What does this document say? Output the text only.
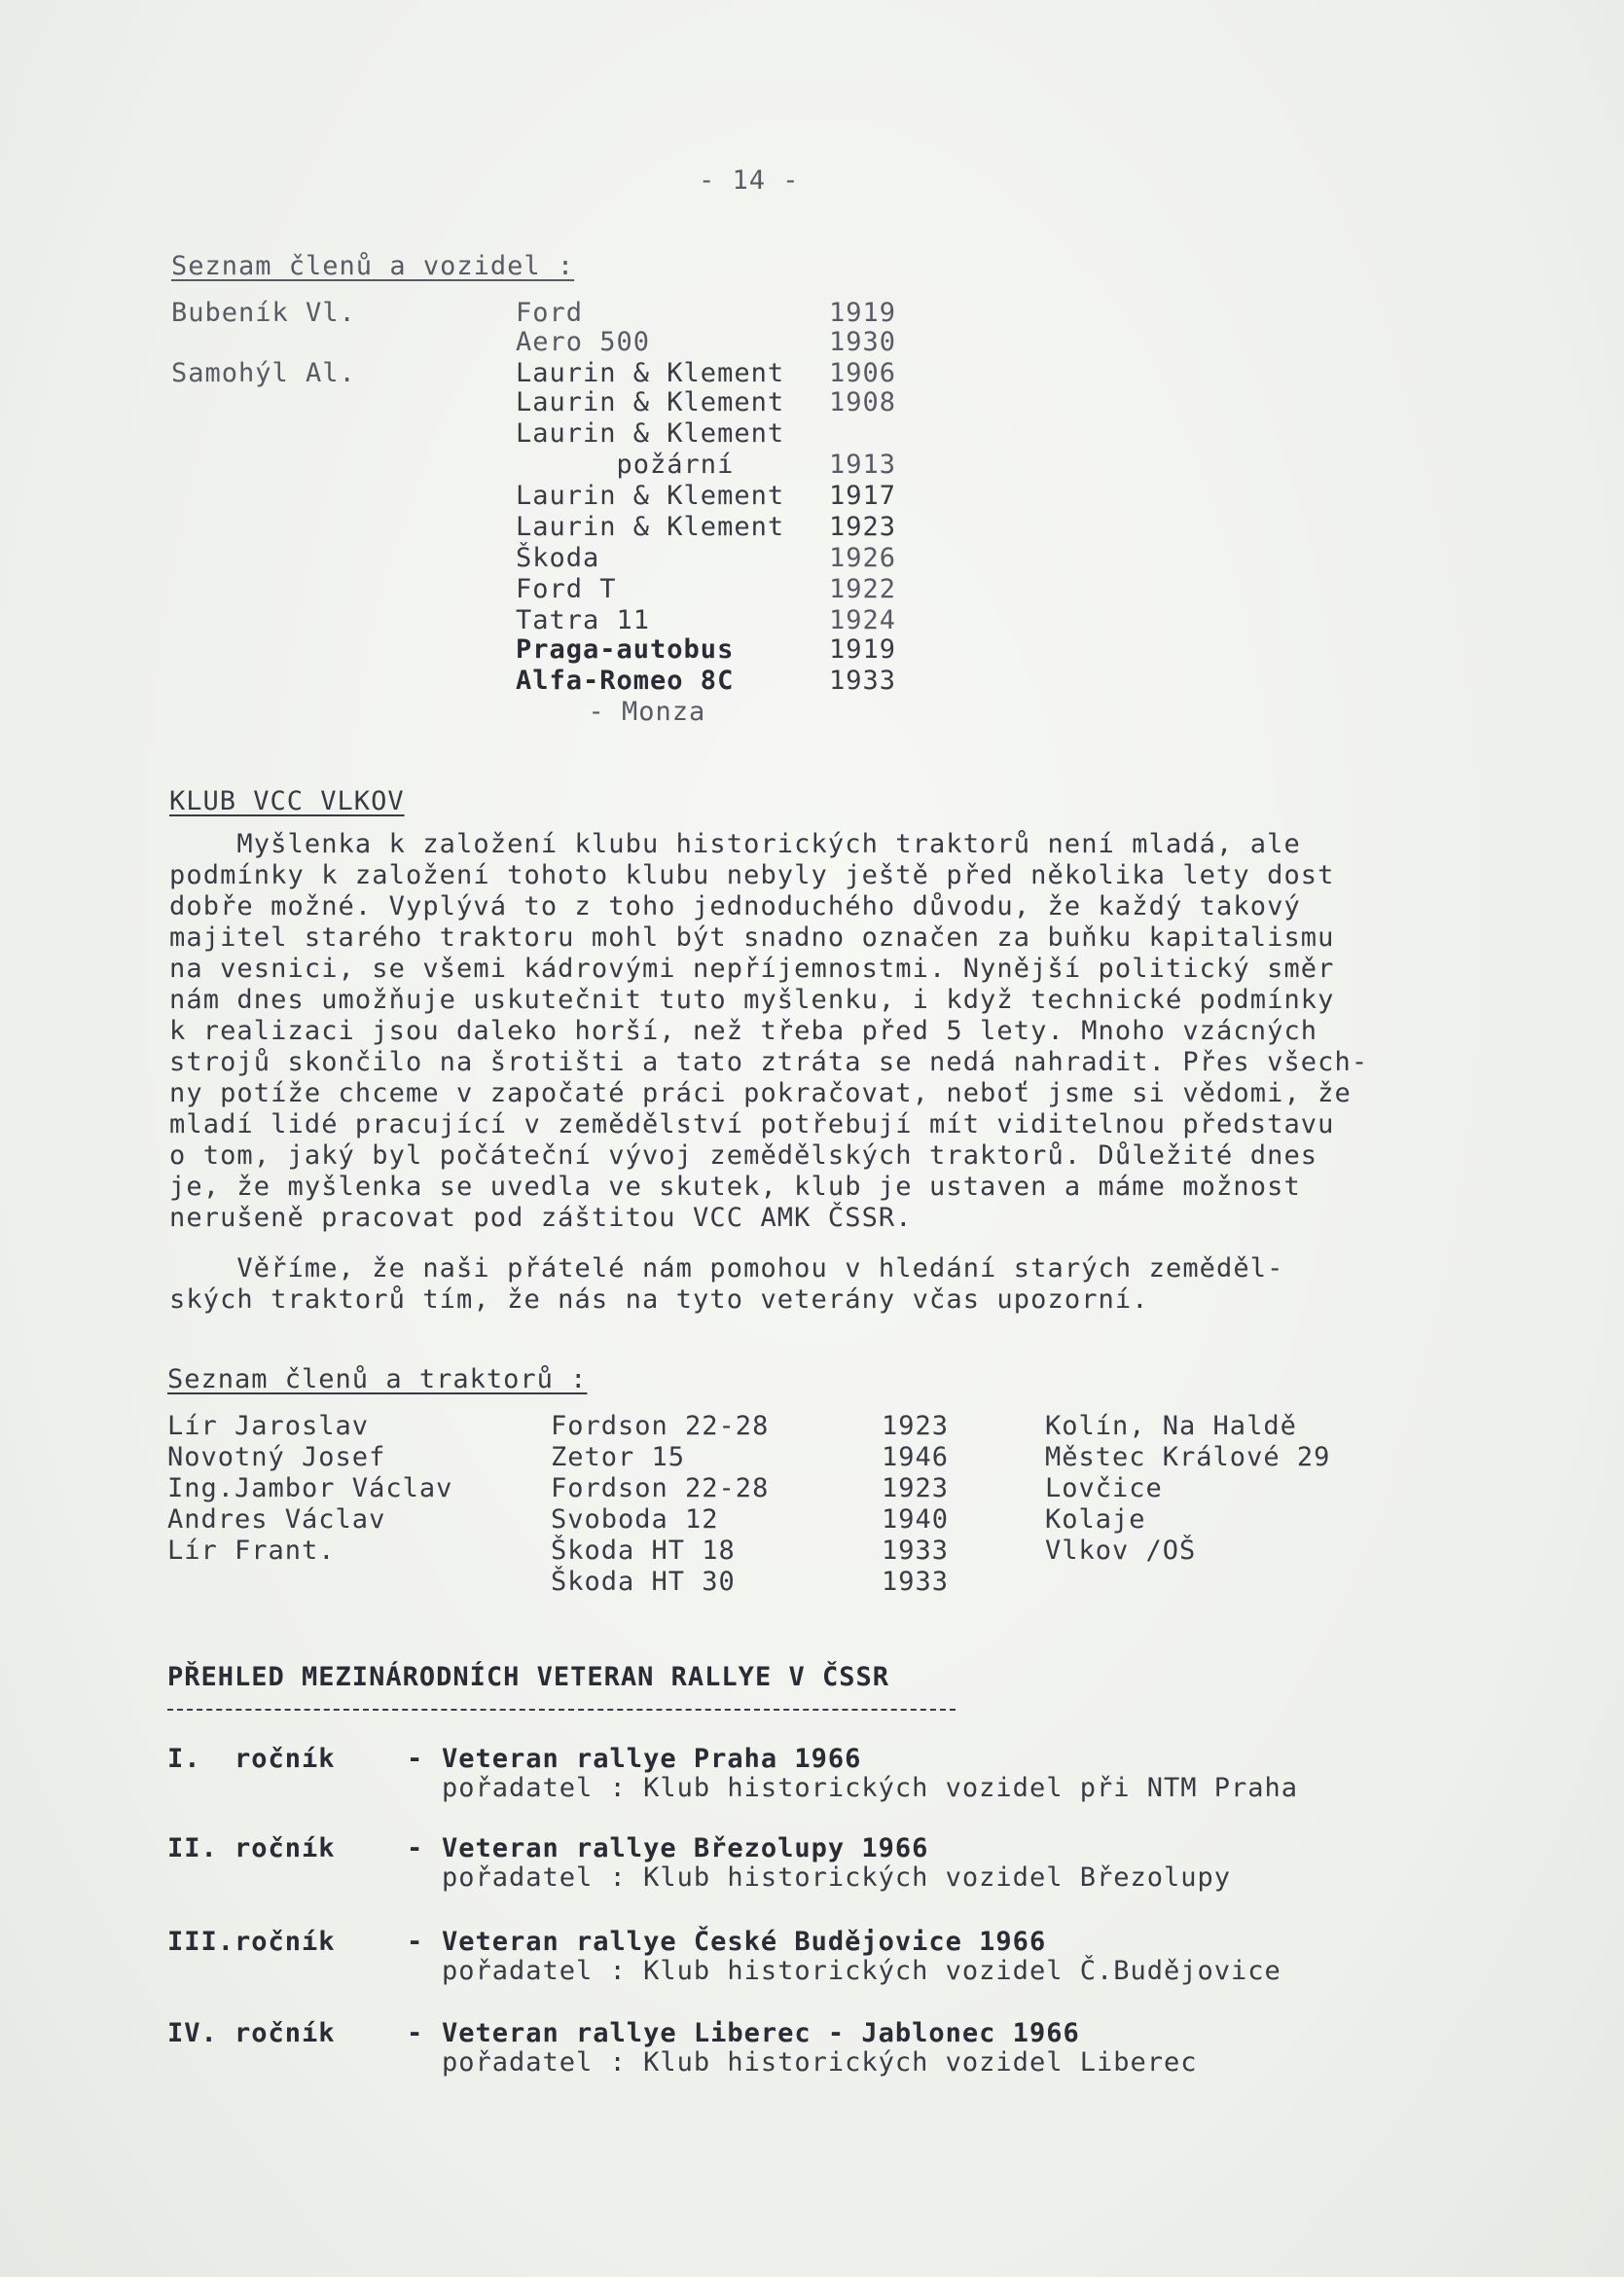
- 14 -
Seznam členů a vozidel :
Bubeník Vl.	Ford	1919
Aero 500	1930
Samohýl Al.	Laurin & Klement 1906
Laurin & Klement 1908
Laurin & Klement
požární	1913
Laurin & Klement 1917
Laurin & Klement 1923
Škoda	1926
Ford T	1922
Tatra 11	1924
Praga-autobus	1919
Alfa-Romeo 8C	1933
- Monza
KLUB VCC VLKOV
Myšlenka k založení klubu historických traktorů není mladá, ale
podmínky k založení tohoto klubu nebyly ještě před několika lety dost
dobře možné. Vyplývá to z toho jednoduchého důvodu, že každý takový
majitel starého traktoru mohl být snadno označen za buňku kapitalismu
na vesnici, se všemi kádrovými nepříjemnostmi. Nynější politický směr
nám dnes umožňuje uskutečnit tuto myšlenku, i když technické podmínky
k realizaci jsou daleko horší, než třeba před 5 lety. Mnoho vzácných
strojů skončilo na šrotišti a tato ztráta se nedá nahradit. Přes všech-
ny potíže chceme v započaté práci pokračovat, neboť jsme si vědomi, že
mladí lidé pracující v zemědělství potřebují mít viditelnou představu
o tom, jaký byl počáteční vývoj zemědělských traktorů. Důležité dnes
je, že myšlenka se uvedla ve skutek, klub je ustaven a máme možnost
nerušeně pracovat pod záštitou VCC AMK ČSSR.
Věříme, že naši přátelé nám pomohou v hledání starých zeměděl-
ských traktorů tím, že nás na tyto veterány včas upozorní.
Seznam členů a traktorů :
Lír Jaroslav	Fordson 22-28	1923	Kolín, Na Haldě
Novotný Josef	Zetor 15	1946	Městec Králové 29
Ing.Jambor Václav	Fordson 22-28	1923	Lovčice
Andres Václav	Svoboda 12	1940	Kolaje
Lír Frant.	Škoda HT 18	1933	Vlkov /OŠ
Škoda HT 30	1933
PŘEHLED MEZINÁRODNÍCH VETERAN RALLYE V ČSSR
I.  ročník	- Veteran rallye Praha 1966
pořadatel : Klub historických vozidel při NTM Praha
II. ročník	- Veteran rallye Březolupy 1966
pořadatel : Klub historických vozidel Březolupy
III.ročník	- Veteran rallye České Budějovice 1966
pořadatel : Klub historických vozidel Č.Budějovice
IV. ročník	- Veteran rallye Liberec - Jablonec 1966
pořadatel : Klub historických vozidel Liberec
